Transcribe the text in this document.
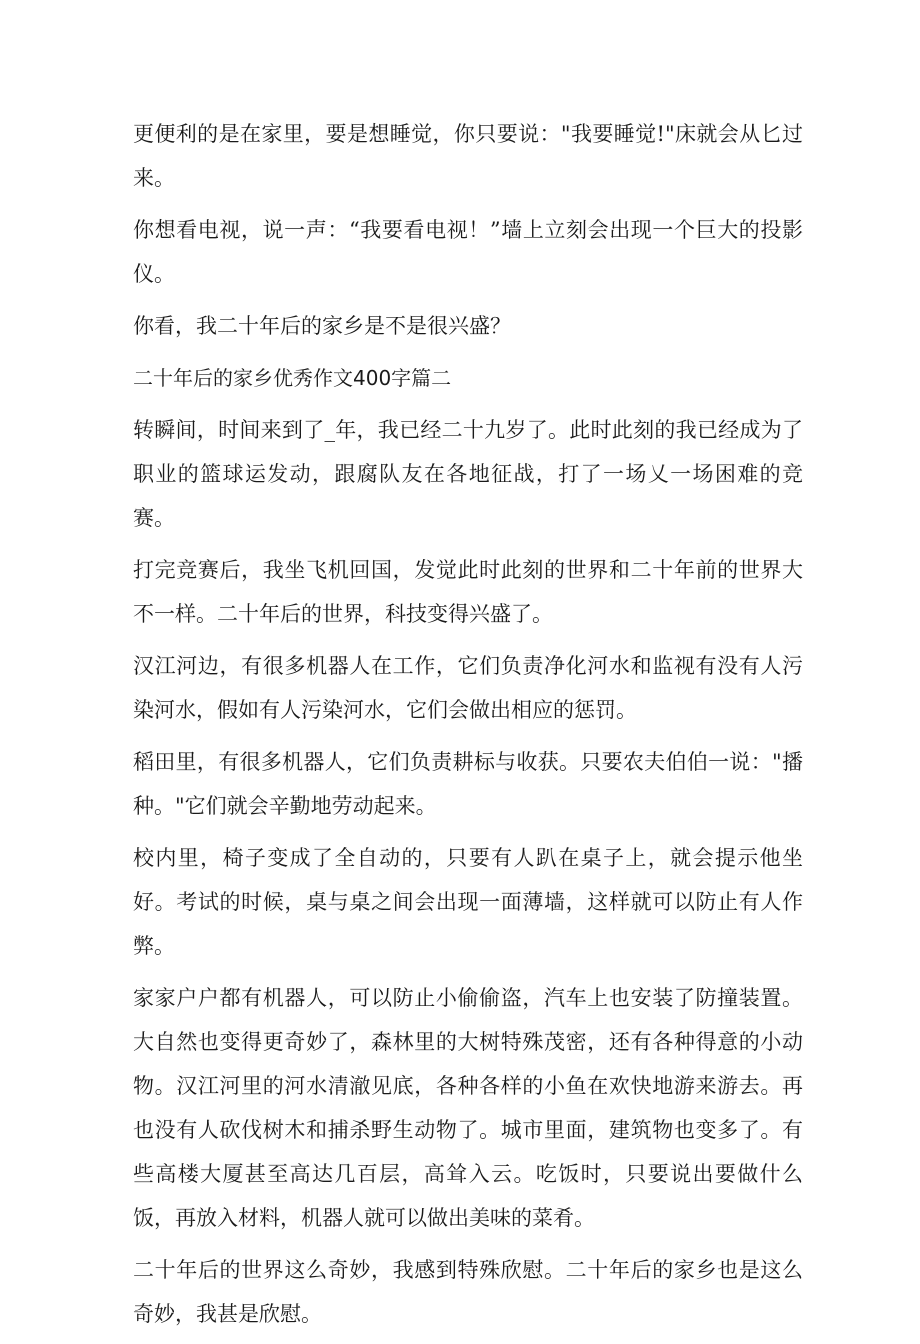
更便利的是在家里，要是想睡觉，你只要说："我要睡觉!"床就会从匕过来。

你想看电视，说一声：“我要看电视！”墙上立刻会出现一个巨大的投影仪。

你看，我二十年后的家乡是不是很兴盛？

二十年后的家乡优秀作文400字篇二

转瞬间，时间来到了_年，我已经二十九岁了。此时此刻的我已经成为了职业的篮球运发动，跟腐队友在各地征战，打了一场乂一场困难的竞赛。

打完竞赛后，我坐飞机回国，发觉此时此刻的世界和二十年前的世界大不一样。二十年后的世界，科技变得兴盛了。

汉江河边，有很多机器人在工作，它们负责净化河水和监视有没有人污染河水，假如有人污染河水，它们会做出相应的惩罚。

稻田里，有很多机器人，它们负责耕标与收获。只要农夫伯伯一说："播种。"它们就会辛勤地劳动起来。

校内里，椅子变成了全自动的，只要有人趴在桌子上，就会提示他坐好。考试的时候，桌与桌之间会出现一面薄墙，这样就可以防止有人作弊。

家家户户都有机器人，可以防止小偷偷盗，汽车上也安装了防撞装置。大自然也变得更奇妙了，森林里的大树特殊茂密，还有各种得意的小动物。汉江河里的河水清澈见底，各种各样的小鱼在欢快地游来游去。再也没有人砍伐树木和捕杀野生动物了。城市里面，建筑物也变多了。有些高楼大厦甚至高达几百层，高耸入云。吃饭时，只要说出要做什么饭，再放入材料，机器人就可以做出美味的菜肴。

二十年后的世界这么奇妙，我感到特殊欣慰。二十年后的家乡也是这么奇妙，我甚是欣慰。
